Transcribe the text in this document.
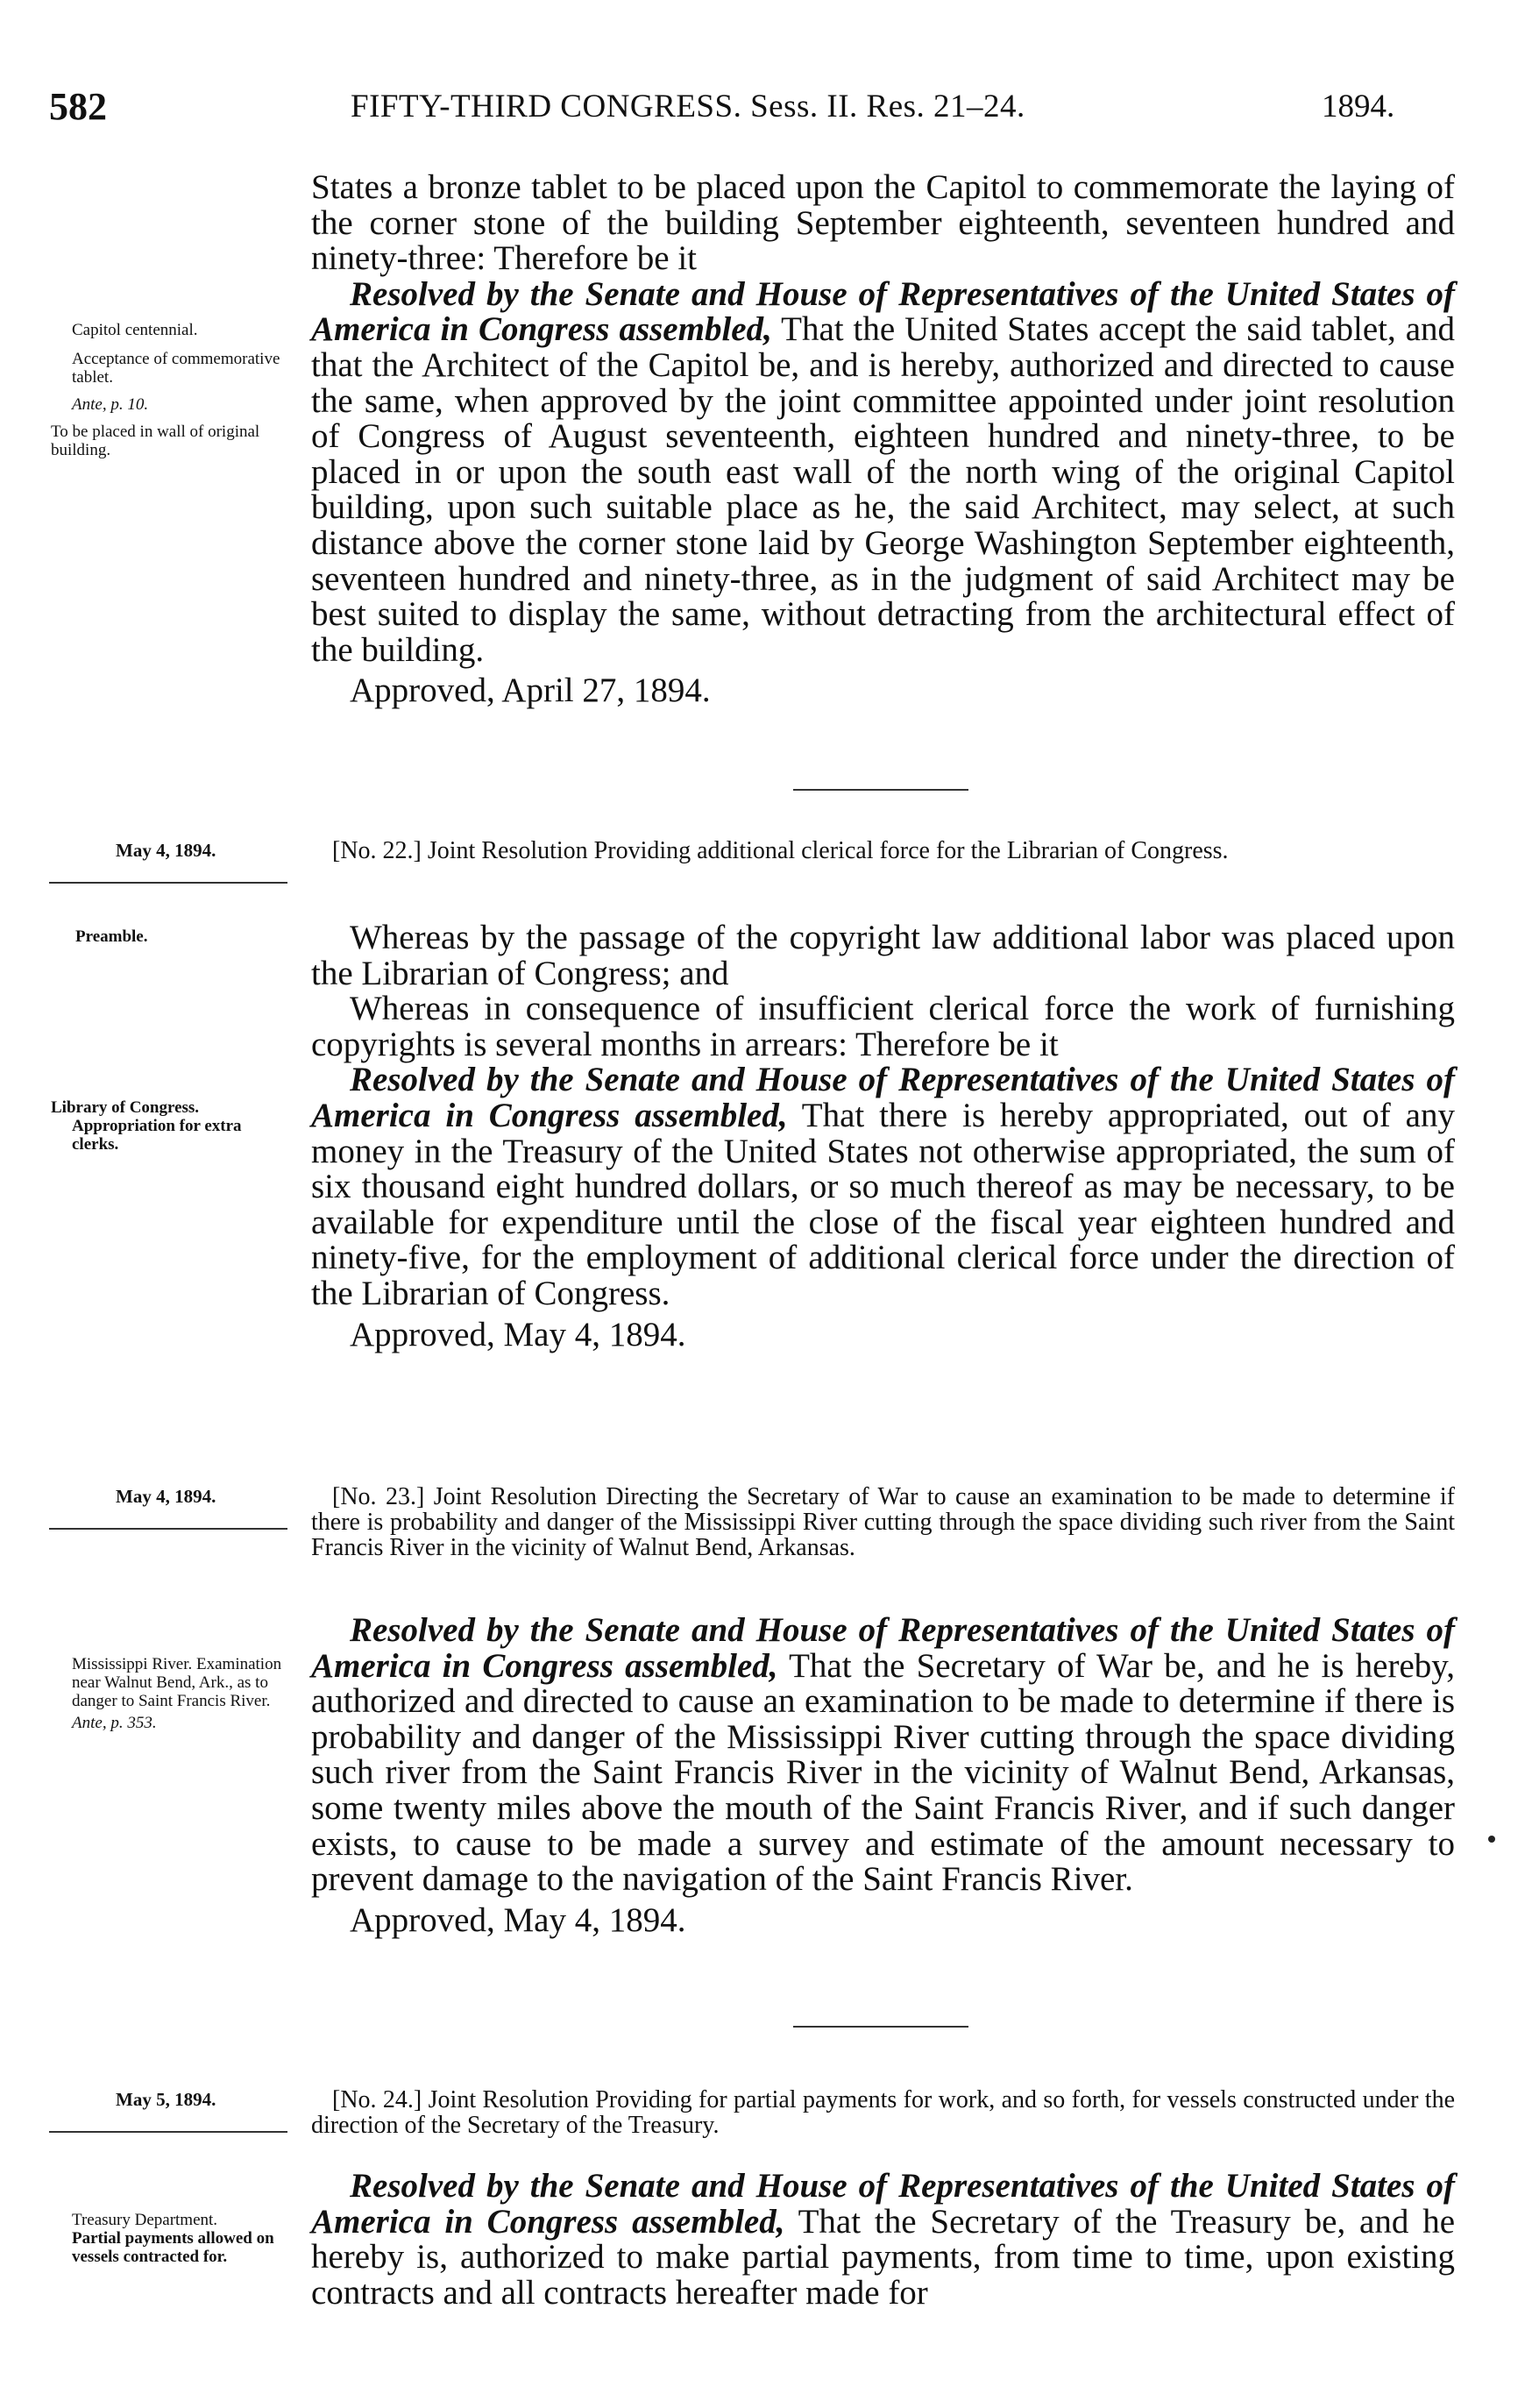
582	FIFTY-THIRD CONGRESS. Sess. II. Res. 21–24.	1894.

States a bronze tablet to be placed upon the Capitol to commemorate the laying of the corner stone of the building September eighteenth, seventeen hundred and ninety-three: Therefore be it

Resolved by the Senate and House of Representatives of the United States of America in Congress assembled, That the United States accept the said tablet, and that the Architect of the Capitol be, and is hereby, authorized and directed to cause the same, when approved by the joint committee appointed under joint resolution of Congress of August seventeenth, eighteen hundred and ninety-three, to be placed in or upon the south east wall of the north wing of the original Capitol building, upon such suitable place as he, the said Architect, may select, at such distance above the corner stone laid by George Washington September eighteenth, seventeen hundred and ninety-three, as in the judgment of said Architect may be best suited to display the same, without detracting from the architectural effect of the building.

Approved, April 27, 1894.

Capitol centennial.

Acceptance of commemorative tablet.

Ante, p. 10.

To be placed in wall of original building.

May 4, 1894.	[No. 22.] Joint Resolution Providing additional clerical force for the Librarian of Congress.

Whereas by the passage of the copyright law additional labor was placed upon the Librarian of Congress; and

Whereas in consequence of insufficient clerical force the work of furnishing copyrights is several months in arrears: Therefore be it

Resolved by the Senate and House of Representatives of the United States of America in Congress assembled, That there is hereby appropriated, out of any money in the Treasury of the United States not otherwise appropriated, the sum of six thousand eight hundred dollars, or so much thereof as may be necessary, to be available for expenditure until the close of the fiscal year eighteen hundred and ninety-five, for the employment of additional clerical force under the direction of the Librarian of Congress.

Approved, May 4, 1894.

Preamble.

Library of Congress.

Appropriation for extra clerks.

May 4, 1894.	[No. 23.] Joint Resolution Directing the Secretary of War to cause an examination to be made to determine if there is probability and danger of the Mississippi River cutting through the space dividing such river from the Saint Francis River in the vicinity of Walnut Bend, Arkansas.

Resolved by the Senate and House of Representatives of the United States of America in Congress assembled, That the Secretary of War be, and he is hereby, authorized and directed to cause an examination to be made to determine if there is probability and danger of the Mississippi River cutting through the space dividing such river from the Saint Francis River in the vicinity of Walnut Bend, Arkansas, some twenty miles above the mouth of the Saint Francis River, and if such danger exists, to cause to be made a survey and estimate of the amount necessary to prevent damage to the navigation of the Saint Francis River.

Approved, May 4, 1894.

Mississippi River. Examination near Walnut Bend, Ark., as to danger to Saint Francis River.

Ante, p. 353.

May 5, 1894.	[No. 24.] Joint Resolution Providing for partial payments for work, and so forth, for vessels constructed under the direction of the Secretary of the Treasury.

Resolved by the Senate and House of Representatives of the United States of America in Congress assembled, That the Secretary of the Treasury be, and he hereby is, authorized to make partial payments, from time to time, upon existing contracts and all contracts hereafter made for

Treasury Department.

Partial payments allowed on vessels contracted for.
